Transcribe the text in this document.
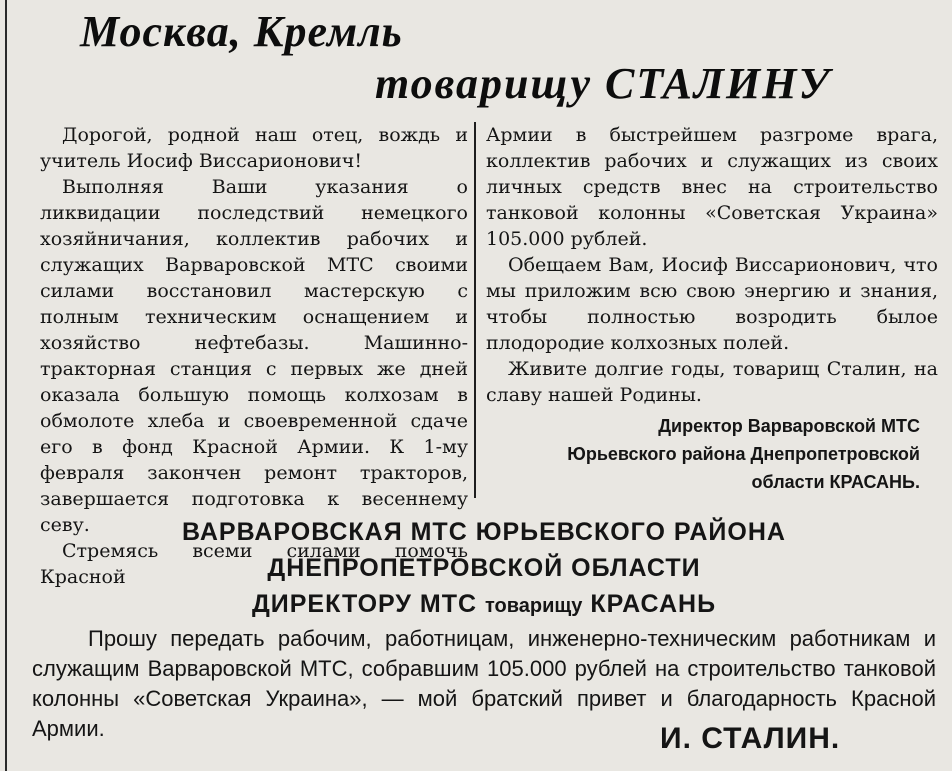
Москва, Кремль
товарищу СТАЛИНУ

Дорогой, родной наш отец, вождь и учитель Иосиф Виссарионович!

Выполняя Ваши указания о ликвидации последствий немецкого хозяйничания, коллектив рабочих и служащих Варваровской МТС своими силами восстановил мастерскую с полным техническим оснащением и хозяйство нефтебазы. Машинно-тракторная станция с первых же дней оказала большую помощь колхозам в обмолоте хлеба и своевременной сдаче его в фонд Красной Армии. К 1-му февраля закончен ремонт тракторов, завершается подготовка к весеннему севу.

Стремясь всеми силами помочь Красной

Армии в быстрейшем разгроме врага, коллектив рабочих и служащих из своих личных средств внес на строительство танковой колонны «Советская Украина» 105.000 рублей.

Обещаем Вам, Иосиф Виссарионович, что мы приложим всю свою энергию и знания, чтобы полностью возродить былое плодородие колхозных полей.

Живите долгие годы, товарищ Сталин, на славу нашей Родины.

Директор Варваровской МТС
Юрьевского района Днепропетровской
области КРАСАНЬ.
ВАРВАРОВСКАЯ МТС ЮРЬЕВСКОГО РАЙОНА
ДНЕПРОПЕТРОВСКОЙ ОБЛАСТИ
ДИРЕКТОРУ МТС товарищу КРАСАНЬ

Прошу передать рабочим, работницам, инженерно-техническим работникам и служащим Варваровской МТС, собравшим 105.000 рублей на строительство танковой колонны «Советская Украина», — мой братский привет и благодарность Красной Армии.	И. СТАЛИН.
